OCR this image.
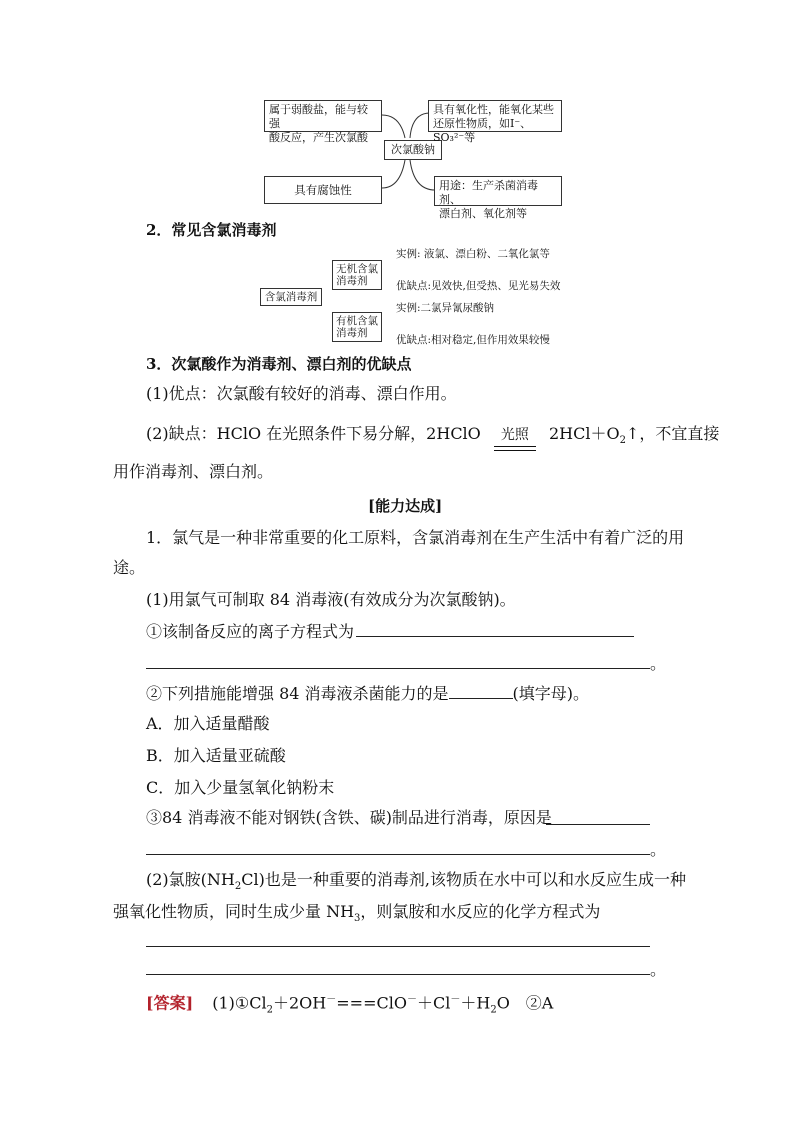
属于弱酸盐，能与较强
酸反应，产生次氯酸
具有腐蚀性
次氯酸钠
具有氧化性，能氧化某些
还原性物质，如I⁻、SO₃²⁻等
用途：生产杀菌消毒剂、
漂白剂、氧化剂等
2．常见含氯消毒剂
含氯消毒剂
无机含氯
消毒剂
有机含氯
消毒剂
实例: 液氯、漂白粉、二氧化氯等
优缺点:见效快,但受热、见光易失效
实例:二氯异氰尿酸钠
优缺点:相对稳定,但作用效果较慢
3．次氯酸作为消毒剂、漂白剂的优缺点
(1)优点：次氯酸有较好的消毒、漂白作用。
(2)缺点：HClO 在光照条件下易分解，2HClO	光照	$2HCl+O_2↑$，不宜直接
用作消毒剂、漂白剂。
[能力达成]
1．氯气是一种非常重要的化工原料，含氯消毒剂在生产生活中有着广泛的用
途。
(1)用氯气可制取 84 消毒液(有效成分为次氯酸钠)。
①该制备反应的离子方程式为
。
②下列措施能增强 84 消毒液杀菌能力的是	(填字母)。
A．加入适量醋酸
B．加入适量亚硫酸
C．加入少量氢氧化钠粉末
③84 消毒液不能对钢铁(含铁、碳)制品进行消毒，原因是
。
(2)氯胺$(NH_2Cl)$也是一种重要的消毒剂,该物质在水中可以和水反应生成一种
强氧化性物质，同时生成少量 $NH_3$，则氯胺和水反应的化学方程式为
。
[答案] $(1)①Cl_2+2OH^-===ClO^-+Cl^-+H_2O$　②A
